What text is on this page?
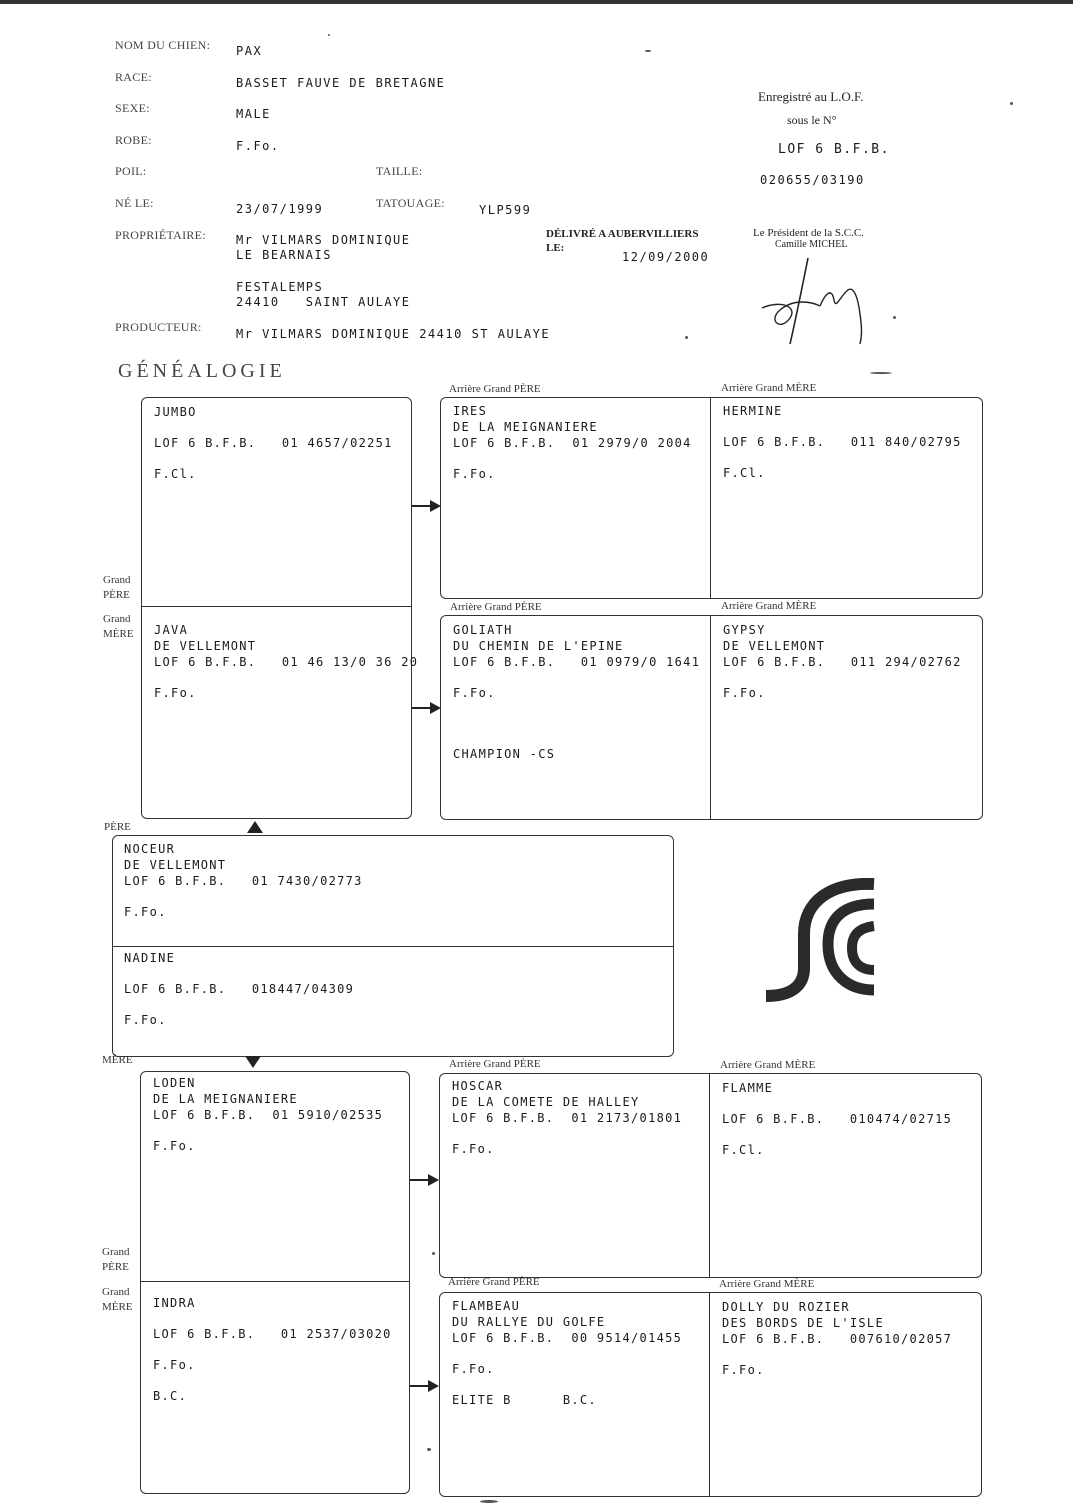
NOM DU CHIEN: PAX
RACE:	BASSET FAUVE DE BRETAGNE
SEXE:	MALE
ROBE:	F.Fo.
POIL:	TAILLE:
NÉ LE:	23/07/1999	TATOUAGE:	YLP599
PROPRIÉTAIRE:	Mr VILMARS DOMINIQUE
LE BEARNAIS
FESTALEMPS
24410   SAINT AULAYE
PRODUCTEUR:	Mr VILMARS DOMINIQUE 24410 ST AULAYE
Enregistré au L.O.F.
sous le N°
LOF 6 B.F.B.
020655/03190
DÉLIVRÉ A AUBERVILLIERS
LE:
12/09/2000
Le Président de la S.C.C.
Camille MICHEL
GÉNÉALOGIE
Arrière Grand PÈRE	Arrière Grand MÈRE
Arrière Grand PÈRE	Arrière Grand MÈRE
JUMBO
LOF 6 B.F.B.   01 4657/02251
F.Cl.
JAVA
DE VELLEMONT
LOF 6 B.F.B.   01 46 13/0 36 20
F.Fo.
Grand
PÈRE
Grand
MÈRE
IRES
DE LA MEIGNANIERE
LOF 6 B.F.B.  01 2979/0 2004
F.Fo.
HERMINE
LOF 6 B.F.B.   011 840/02795
F.Cl.
GOLIATH
DU CHEMIN DE L'EPINE
LOF 6 B.F.B.   01 0979/0 1641
F.Fo.
CHAMPION -CS
GYPSY
DE VELLEMONT
LOF 6 B.F.B.   011 294/02762
F.Fo.
PÈRE
NOCEUR
DE VELLEMONT
LOF 6 B.F.B.   01 7430/02773
F.Fo.
NADINE
LOF 6 B.F.B.   018447/04309
F.Fo.
MÈRE	Arrière Grand PÈRE	Arrière Grand MÈRE
Arrière Grand PÈRE	Arrière Grand MÈRE
LODEN
DE LA MEIGNANIERE
LOF 6 B.F.B.  01 5910/02535
F.Fo.
INDRA
LOF 6 B.F.B.   01 2537/03020
F.Fo.
B.C.
Grand
PÈRE
Grand
MÈRE
HOSCAR
DE LA COMETE DE HALLEY
LOF 6 B.F.B.  01 2173/01801
F.Fo.
FLAMME
LOF 6 B.F.B.   010474/02715
F.Cl.
FLAMBEAU
DU RALLYE DU GOLFE
LOF 6 B.F.B.  00 9514/01455
F.Fo.
ELITE B      B.C.
DOLLY DU ROZIER
DES BORDS DE L'ISLE
LOF 6 B.F.B.   007610/02057
F.Fo.
